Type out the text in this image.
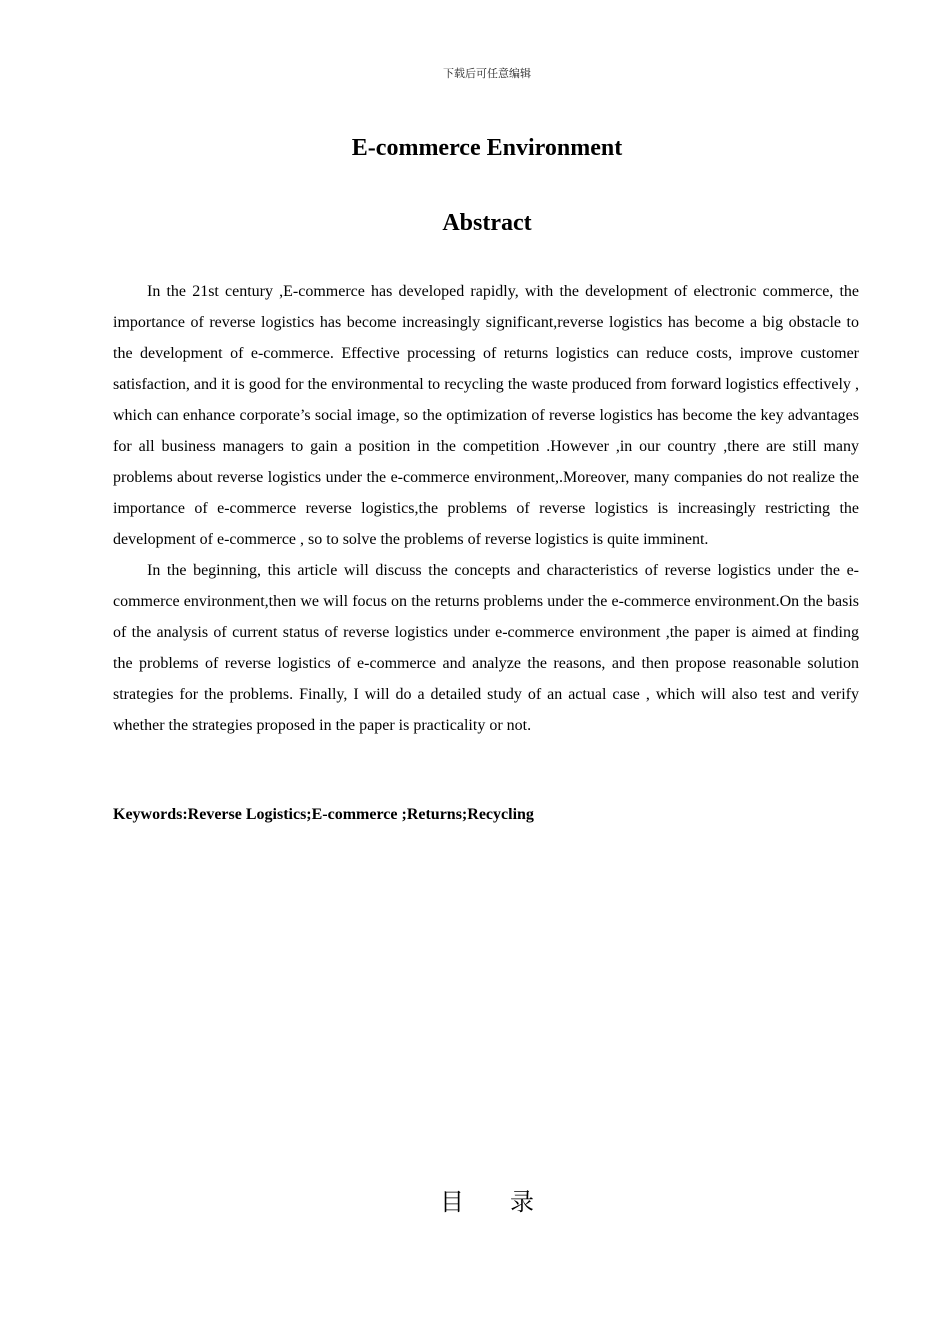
下载后可任意编辑
E-commerce Environment
Abstract

In the 21st century ,E-commerce has developed rapidly, with the development of electronic commerce, the importance of reverse logistics has become increasingly significant,reverse logistics has become a big obstacle to the development of e-commerce. Effective processing of returns logistics can reduce costs, improve customer satisfaction, and it is good for the environmental to recycling the waste produced from forward logistics effectively , which can enhance corporate’s social image, so the optimization of reverse logistics has become the key advantages for all business managers to gain a position in the competition .However ,in our country ,there are still many problems about reverse logistics under the e-commerce environment,.Moreover, many companies do not realize the importance of e-commerce reverse logistics,the problems of reverse logistics is increasingly restricting the development of e-commerce , so to solve the problems of reverse logistics is quite imminent.

In the beginning, this article will discuss the concepts and characteristics of reverse logistics under the e-commerce environment,then we will focus on the returns problems under the e-commerce environment.On the basis of the analysis of current status of reverse logistics under e-commerce environment ,the paper is aimed at finding the problems of reverse logistics of e-commerce and analyze the reasons, and then propose reasonable solution strategies for the problems. Finally, I will do a detailed study of an actual case , which will also test and verify whether the strategies proposed in the paper is practicality or not.

Keywords:Reverse Logistics;E-commerce ;Returns;Recycling
目 录
